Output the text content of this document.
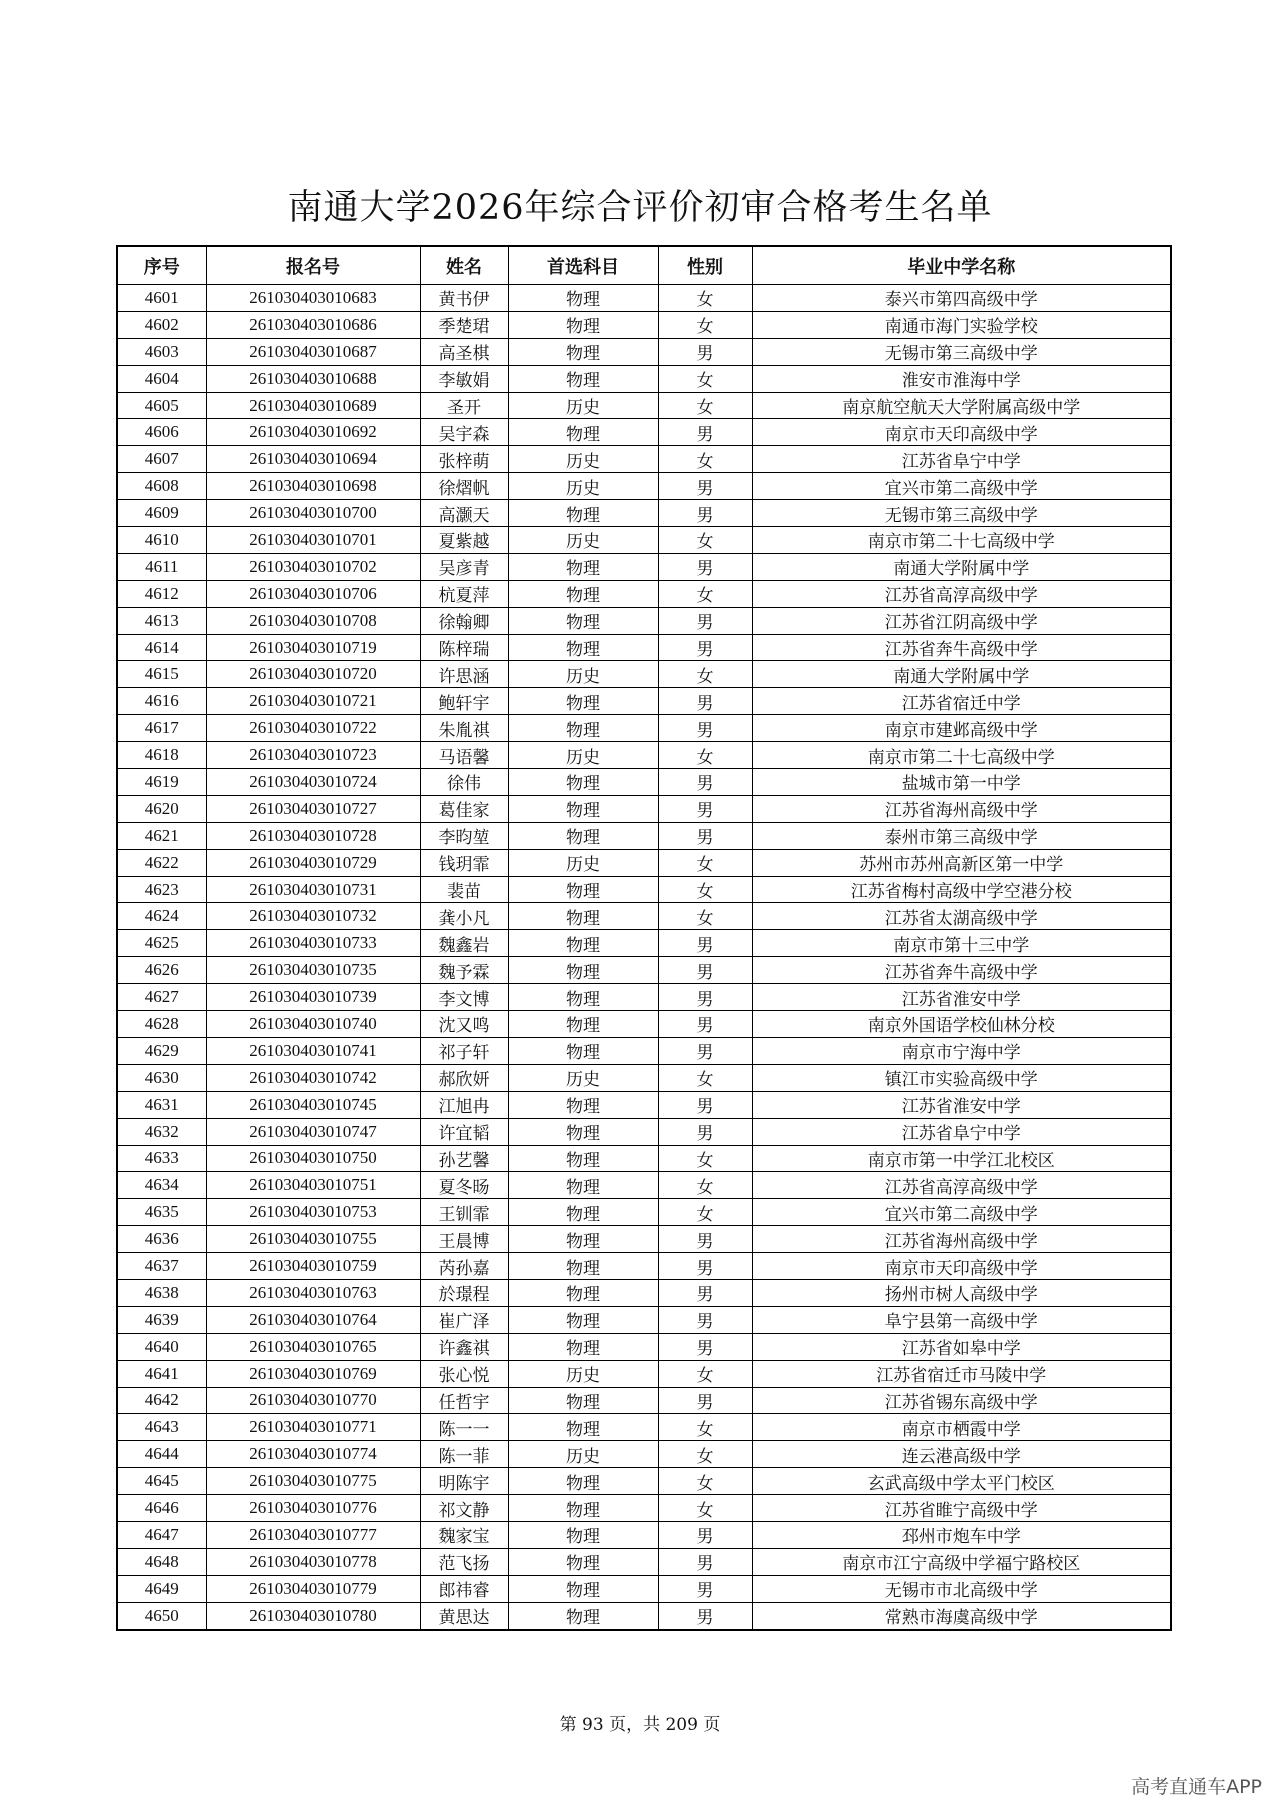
南通大学2026年综合评价初审合格考生名单
序号	报名号	姓名	首选科目	性别	毕业中学名称
4601	261030403010683	黄书伊	物理	女	泰兴市第四高级中学
4602	261030403010686	季楚珺	物理	女	南通市海门实验学校
4603	261030403010687	高圣棋	物理	男	无锡市第三高级中学
4604	261030403010688	李敏娟	物理	女	淮安市淮海中学
4605	261030403010689	圣开	历史	女	南京航空航天大学附属高级中学
4606	261030403010692	吴宇森	物理	男	南京市天印高级中学
4607	261030403010694	张梓萌	历史	女	江苏省阜宁中学
4608	261030403010698	徐熠帆	历史	男	宜兴市第二高级中学
4609	261030403010700	高灏天	物理	男	无锡市第三高级中学
4610	261030403010701	夏紫越	历史	女	南京市第二十七高级中学
4611	261030403010702	吴彦青	物理	男	南通大学附属中学
4612	261030403010706	杭夏萍	物理	女	江苏省高淳高级中学
4613	261030403010708	徐翰卿	物理	男	江苏省江阴高级中学
4614	261030403010719	陈梓瑞	物理	男	江苏省奔牛高级中学
4615	261030403010720	许思涵	历史	女	南通大学附属中学
4616	261030403010721	鲍轩宇	物理	男	江苏省宿迁中学
4617	261030403010722	朱胤祺	物理	男	南京市建邺高级中学
4618	261030403010723	马语馨	历史	女	南京市第二十七高级中学
4619	261030403010724	徐伟	物理	男	盐城市第一中学
4620	261030403010727	葛佳家	物理	男	江苏省海州高级中学
4621	261030403010728	李昀堃	物理	男	泰州市第三高级中学
4622	261030403010729	钱玥霏	历史	女	苏州市苏州高新区第一中学
4623	261030403010731	裴苗	物理	女	江苏省梅村高级中学空港分校
4624	261030403010732	龚小凡	物理	女	江苏省太湖高级中学
4625	261030403010733	魏鑫岩	物理	男	南京市第十三中学
4626	261030403010735	魏予霖	物理	男	江苏省奔牛高级中学
4627	261030403010739	李文博	物理	男	江苏省淮安中学
4628	261030403010740	沈又鸣	物理	男	南京外国语学校仙林分校
4629	261030403010741	祁子轩	物理	男	南京市宁海中学
4630	261030403010742	郝欣妍	历史	女	镇江市实验高级中学
4631	261030403010745	江旭冉	物理	男	江苏省淮安中学
4632	261030403010747	许宜韬	物理	男	江苏省阜宁中学
4633	261030403010750	孙艺馨	物理	女	南京市第一中学江北校区
4634	261030403010751	夏冬旸	物理	女	江苏省高淳高级中学
4635	261030403010753	王钏霏	物理	女	宜兴市第二高级中学
4636	261030403010755	王晨博	物理	男	江苏省海州高级中学
4637	261030403010759	芮孙嘉	物理	男	南京市天印高级中学
4638	261030403010763	於璟程	物理	男	扬州市树人高级中学
4639	261030403010764	崔广泽	物理	男	阜宁县第一高级中学
4640	261030403010765	许鑫祺	物理	男	江苏省如皋中学
4641	261030403010769	张心悦	历史	女	江苏省宿迁市马陵中学
4642	261030403010770	任哲宇	物理	男	江苏省锡东高级中学
4643	261030403010771	陈一一	物理	女	南京市栖霞中学
4644	261030403010774	陈一菲	历史	女	连云港高级中学
4645	261030403010775	明陈宇	物理	女	玄武高级中学太平门校区
4646	261030403010776	祁文静	物理	女	江苏省睢宁高级中学
4647	261030403010777	魏家宝	物理	男	邳州市炮车中学
4648	261030403010778	范飞扬	物理	男	南京市江宁高级中学福宁路校区
4649	261030403010779	郎祎睿	物理	男	无锡市市北高级中学
4650	261030403010780	黄思达	物理	男	常熟市海虞高级中学
第 93 页，共 209 页
高考直通车APP
